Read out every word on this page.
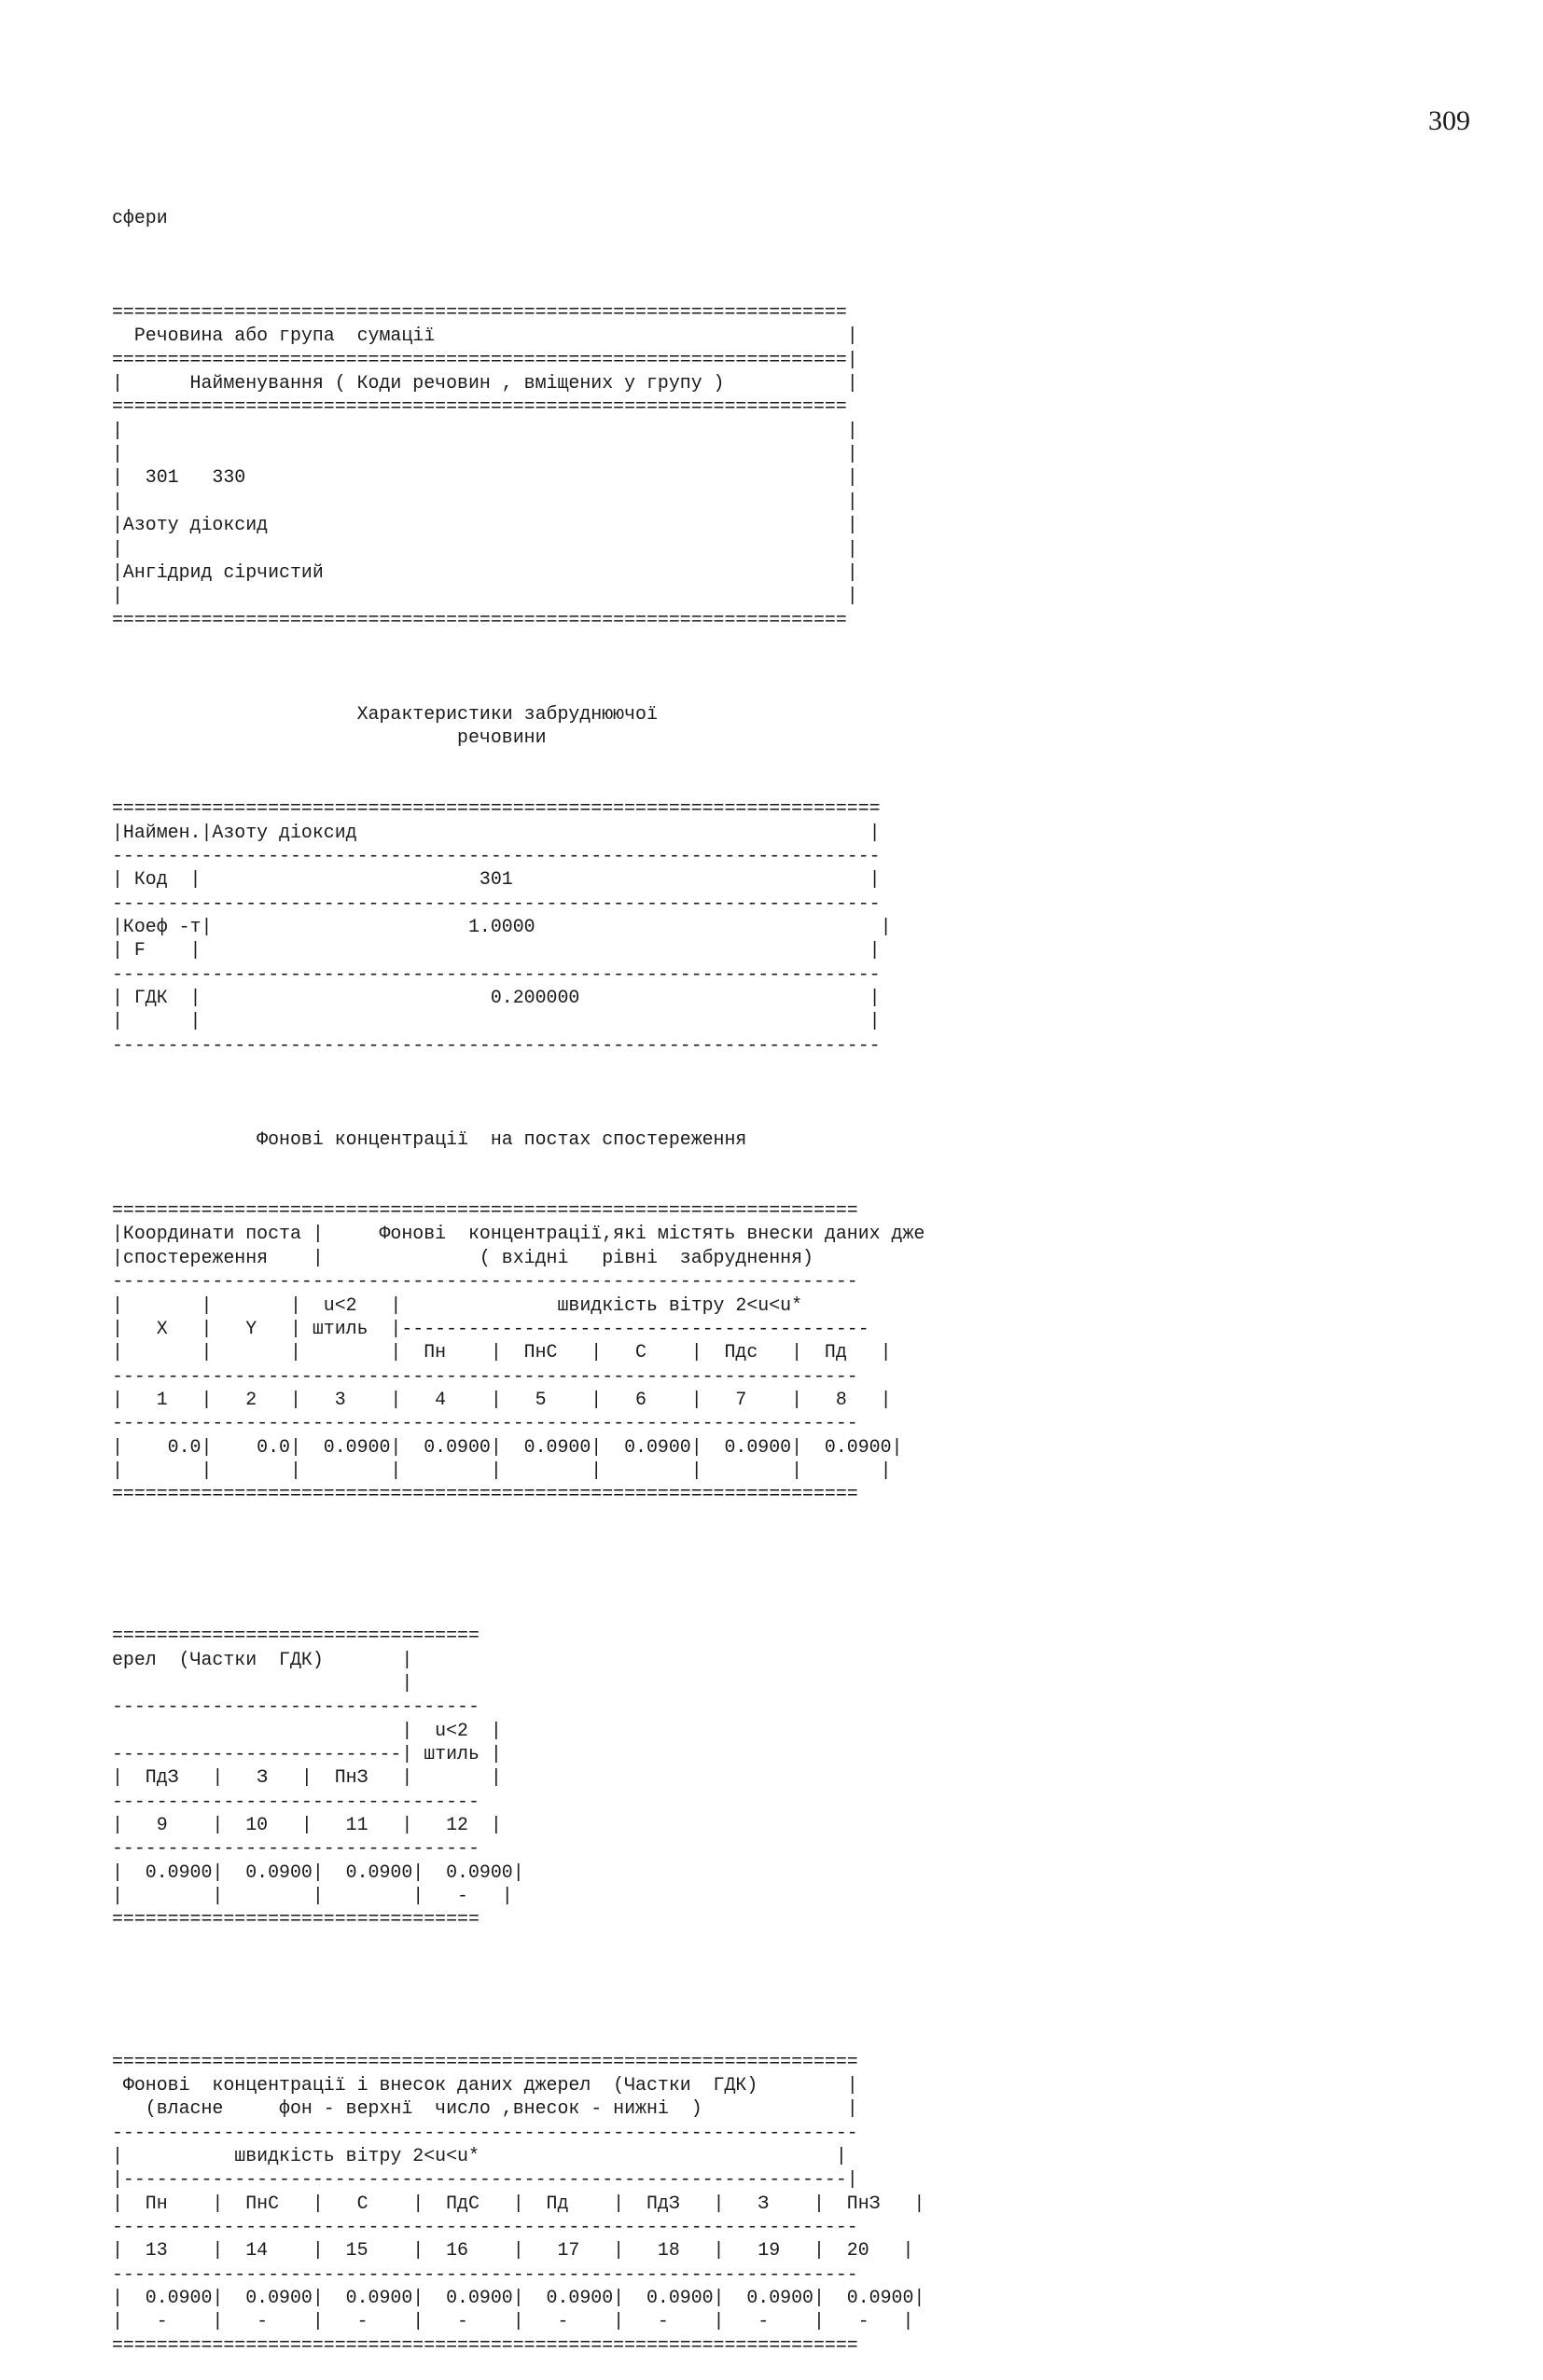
309

сфери

==================================================================
Речовина або група  сумації                                     |
==================================================================|
|      Найменування ( Коди речовин , вміщених у групу )           |
==================================================================
|                                                                 |
|                                                                 |
|  301   330                                                      |
|                                                                 |
|Азоту діоксид                                                    |
|                                                                 |
|Ангідрид сірчистий                                               |
|                                                                 |
==================================================================

Характеристики забруднюючої
речовини

=====================================================================
|Наймен.|Азоту діоксид                                              |
---------------------------------------------------------------------
| Код  |                         301                                |
---------------------------------------------------------------------
|Коеф -т|                       1.0000                               |
| F    |                                                            |
---------------------------------------------------------------------
| ГДК  |                          0.200000                          |
|      |                                                            |
---------------------------------------------------------------------

Фонові концентрації  на постах спостереження

===================================================================
|Координати поста |     Фонові  концентрації,які містять внески даних дже
|спостереження    |              ( вхідні   рівні  забруднення)
-------------------------------------------------------------------
|       |       |  u<2   |              швидкість вітру 2<u<u*
|   X   |   Y   | штиль  |------------------------------------------
|       |       |        |  Пн    |  ПнС   |   С    |  Пдс   |  Пд   |
-------------------------------------------------------------------
|   1   |   2   |   3    |   4    |   5    |   6    |   7    |   8   |
-------------------------------------------------------------------
|    0.0|    0.0|  0.0900|  0.0900|  0.0900|  0.0900|  0.0900|  0.0900|
|       |       |        |        |        |        |        |       |
===================================================================

=================================
ерел  (Частки  ГДК)       |
|
---------------------------------
|  u<2  |
--------------------------| штиль |
|  ПдЗ   |   З   |  ПнЗ   |       |
---------------------------------
|   9    |  10   |   11   |   12  |
---------------------------------
|  0.0900|  0.0900|  0.0900|  0.0900|
|        |        |        |   -   |
=================================

===================================================================
Фонові  концентрації і внесок даних джерел  (Частки  ГДК)        |
(власне     фон - верхнї  число ,внесок - нижні  )             |
-------------------------------------------------------------------
|          швидкість вітру 2<u<u*                                |
|-----------------------------------------------------------------|
|  Пн    |  ПнС   |   С    |  ПдС   |  Пд    |  ПдЗ   |   З    |  ПнЗ   |
-------------------------------------------------------------------
|  13    |  14    |  15    |  16    |   17   |   18   |   19   |  20   |
-------------------------------------------------------------------
|  0.0900|  0.0900|  0.0900|  0.0900|  0.0900|  0.0900|  0.0900|  0.0900|
|   -    |   -    |   -    |   -    |   -    |   -    |   -    |   -   |
===================================================================
